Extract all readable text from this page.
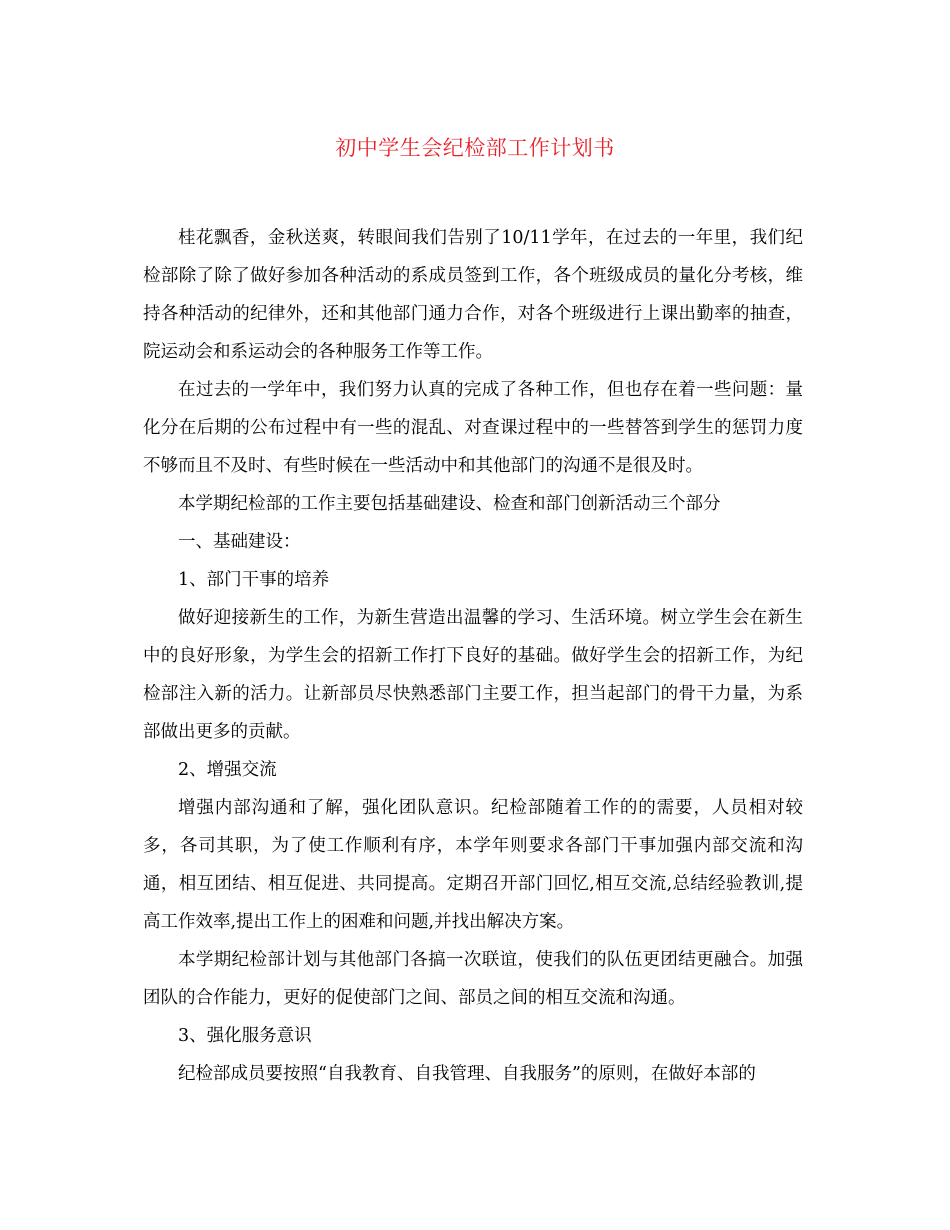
初中学生会纪检部工作计划书

桂花飘香，金秋送爽，转眼间我们告别了10/11学年，在过去的一年里，我们纪检部除了除了做好参加各种活动的系成员签到工作，各个班级成员的量化分考核，维持各种活动的纪律外，还和其他部门通力合作，对各个班级进行上课出勤率的抽查，院运动会和系运动会的各种服务工作等工作。

在过去的一学年中，我们努力认真的完成了各种工作，但也存在着一些问题：量化分在后期的公布过程中有一些的混乱、对查课过程中的一些替答到学生的惩罚力度不够而且不及时、有些时候在一些活动中和其他部门的沟通不是很及时。

本学期纪检部的工作主要包括基础建设、检查和部门创新活动三个部分

一、基础建设：

1、部门干事的培养

做好迎接新生的工作，为新生营造出温馨的学习、生活环境。树立学生会在新生中的良好形象，为学生会的招新工作打下良好的基础。做好学生会的招新工作，为纪检部注入新的活力。让新部员尽快熟悉部门主要工作，担当起部门的骨干力量，为系部做出更多的贡献。

2、增强交流

增强内部沟通和了解，强化团队意识。纪检部随着工作的的需要，人员相对较多，各司其职，为了使工作顺利有序，本学年则要求各部门干事加强内部交流和沟通，相互团结、相互促进、共同提高。定期召开部门回忆,相互交流,总结经验教训,提高工作效率,提出工作上的困难和问题,并找出解决方案。

本学期纪检部计划与其他部门各搞一次联谊，使我们的队伍更团结更融合。加强团队的合作能力，更好的促使部门之间、部员之间的相互交流和沟通。

3、强化服务意识

纪检部成员要按照“自我教育、自我管理、自我服务”的原则，在做好本部的
